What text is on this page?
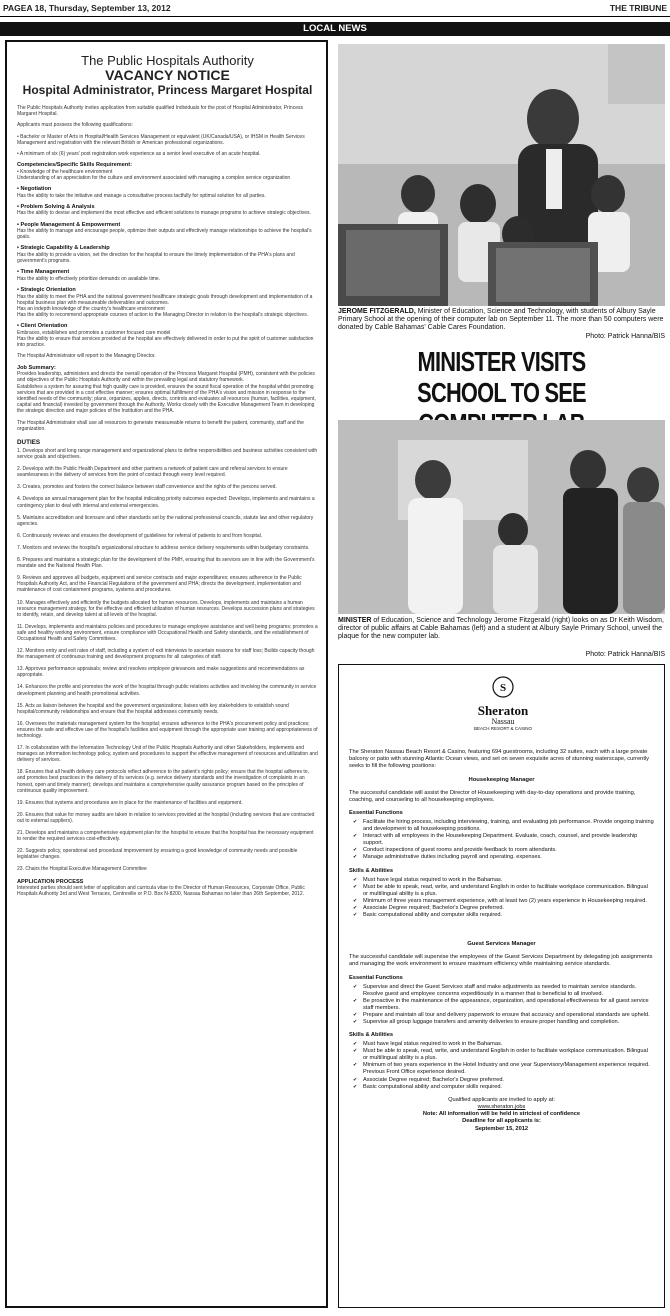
PAGEA 18, Thursday, September 13, 2012	THE TRIBUNE
LOCAL NEWS
The Public Hospitals Authority
VACANCY NOTICE
Hospital Administrator, Princess Margaret Hospital

The Public Hospitals Authority invites application from suitable qualified Individuals for the post of Hospital Administrator, Princess Margaret Hospital.

Applicants must possess the following qualifications:

• Bachelor or Master of Arts in Hospital/Health Services Management or equivalent (UK/Canada/USA), or IHSM in Health Services Management and registration with the relevant British or American professional organizations.

• A minimum of six (6) years' post registration work experience as a senior level executive of an acute hospital.

Competencies/Specific Skills Requirement:

• Knowledge of the healthcare environment
Understanding of an appreciation for the culture and environment associated with managing a complex service organization

• Negotiation

Has the ability to take the initiative and manage a consultative process tactfully for optimal solution for all parties.

• Problem Solving & Analysis

Has the ability to devise and implement the most effective and efficient solutions to manage programs to achieve strategic objectives.

• People Management & Empowerment

Has the ability to manage and encourage people, optimize their outputs and effectively manage relationships to achieve the hospital's goals.

• Strategic Capability & Leadership

Has the ability to provide a vision, set the direction for the hospital to ensure the timely implementation of the PHA's plans and government's programs.

• Time Management

Has the ability to effectively prioritize demands on available time.

• Strategic Orientation

Has the ability to meet the PHA and the national government healthcare strategic goals through development and implementation of a hospital business plan with measureable deliverables and outcomes.
Has an indepth knowledge of the country's healthcare environment
Has the ability to recommend appropriate courses of action to the Managing Director in relation to the hospital's strategic objectives.

• Client Orientation

Embraces, establishes and promotes a customer focused care model
Has the ability to ensure that services provided at the hospital are effectively delivered in order to put the spirit of customer satisfaction into practice.

The Hospital Administrator will report to the Managing Director.

Job Summary:

Provides leadership, administers and directs the overall operation of the Princess Margaret Hospital (PMH), consistent with the policies and objectives of the Public Hospitals Authority and within the prevailing legal and statutory framework.
Establishes a system for assuring that high quality care is provided, ensures the sound fiscal operation of the hospital whilst promoting services that are provided in a cost effective manner; ensures optimal fulfillment of the PHA's vision and mission in response to the identified needs of the community; plans, organizes, applies, directs, controls and evaluates all resources (human, facilities, equipment, capital and financial) invested by government through the Authority. Works closely with the Executive Management Team in developing the strategic direction and major policies of the Institution and the PHA.

The Hospital Administrator shall use all resources to generate measureable returns to benefit the patient, community, staff and the organization.

DUTIES

1. Develops short and long range management and organizational plans to define responsibilities and business activities consistent with service goals and objectives.

2. Develops with the Public Health Department and other partners a network of patient care and referral services to ensure seamlessness in the delivery of services from the point of contact through every level required.

3. Creates, promotes and fosters the correct balance between staff convenience and the rights of the persons served.

4. Develops an annual management plan for the hospital indicating priority outcomes expected: Develops, implements and maintains a contingency plan to deal with internal and external emergencies.

5. Maintains accreditation and licensure and other standards set by the national professional councils, statute law and other regulatory agencies.

6. Continuously reviews and ensures the development of guidelines for referral of patients to and from hospital.

7. Monitors and reviews the hospital's organizational structure to address service delivery requirements within budgetary constraints.

8. Prepares and maintains a strategic plan for the development of the PMH, ensuring that its services are in line with the Government's mandate and the National Health Plan.

9. Reviews and approves all budgets, equipment and service contracts and major expenditures; ensures adherence to the Public Hospitals Authority Act, and the Financial Regulations of the government and PHA; directs the development, implementation and maintenance of cost containment programs, systems and procedures.

10. Manages effectively and efficiently the budgets allocated for human resources. Develops, implements and maintains a human resource management strategy, for the effective and efficient utilization of human resources. Develops succession plans and strategies to identify, retain, and develop talent at all levels of the hospital.

11. Develops, implements and maintains policies and procedures to manage employee assistance and well being programs; promotes a safe and healthy working environment, ensure compliance with Occupational Health and Safety standards, and the establishment of Occupational Health and Safety Committees.

12. Monitors entry and exit rates of staff, including a system of exit interviews to ascertain reasons for staff loss; Builds capacity though the management of continuous training and development programs for all categories of staff.

13. Approves performance appraisals; review and resolves employee grievances and make suggestions and recommendations as appropriate.

14. Enhances the profile and promotes the work of the hospital through public relations activities and involving the community in service development planning and health promotional activities.

15. Acts as liaison between the hospital and the government organizations; liaises with key stakeholders to establish sound hospital/community relationships and ensure that the hospital addresses community needs.

16. Oversees the materials management system for the hospital; ensures adherence to the PHA's procurement policy and practices; ensures the safe and effective use of the hospital's facilities and equipment through the appropriate user training and appropriateness of technology.

17. In collaboration with the Information Technology Unit of the Public Hospitals Authority and other Stakeholders, implements and manages an information technology policy, system and procedures to support the effective management of resources and utilization and delivery of services.

18. Ensures that all health delivery care protocols reflect adherence to the patient's rights policy; ensure that the hospital adheres to, and promotes best practices in the delivery of its services (e.g. service delivery standards and the investigation of complaints in an honest, open and timely manner); develops and maintains a comprehensive quality assurance program based on the principles of continuous quality improvement.

19. Ensures that systems and procedures are in place for the maintenance of facilities and equipment.

20. Ensures that value for money audits are taken in relation to services provided at the hospital (including services that are contracted out to external suppliers).

21. Develops and maintains a comprehensive equipment plan for the hospital to ensure that the hospital has the necessary equipment to render the required services cost-effectively.

22. Suggests policy, operational and procedural improvement by ensuring a good knowledge of community needs and possible legislative changes.

23. Chairs the Hospital Executive Management Committee

APPLICATION PROCESS

Interested parties should sent letter of application and curricula vitae to the Director of Human Resources, Corporate Office, Public Hospitals Authority 3rd and West Terraces, Centreville or P.O. Box N-8200, Nassau Bahamas no later than 26th September, 2012.

JEROME FITZGERALD, Minister of Education, Science and Technology, with students of Albury Sayle Primary School at the opening of their computer lab on September 11. The more than 50 computers were donated by Cable Bahamas' Cable Cares Foundation.
Photo: Patrick Hanna/BIS
MINISTER VISITS SCHOOL TO SEE
MINISTER of Education, Science and Technology Jerome Fitzgerald (right) looks on as Dr Keith Wisdom, director of public affairs at Cable Bahamas (left) and a student at Albury Sayle Primary School, unveil the plaque for the new computer lab.
Photo: Patrick Hanna/BIS
S
Sheraton
Nassau
BEACH RESORT & CASINO

The Sheraton Nassau Beach Resort & Casino, featuring 694 guestrooms, including 32 suites, each with a large private balcony or patio with stunning Atlantic Ocean views, and set on seven exquisite acres of stunning waterscape, currently seeks to fill the following positions:

Housekeeping Manager

The successful candidate will assist the Director of Housekeeping with day-to-day operations and provide training, coaching, and counseling to all housekeeping employees.

Essential Functions
✔ Facilitate the hiring process, including interviewing, training, and evaluating job performance. Provide ongoing training and development to all housekeeping positions.
✔ Interact with all employees in the Housekeeping Department. Evaluate, coach, counsel, and provide leadership support.
✔ Conduct inspections of guest rooms and provide feedback to room attendants.
✔ Manage administrative duties including payroll and operating. expenses.
Skills & Abilities
✔ Must have legal status required to work in the Bahamas.
✔ Must be able to speak, read, write, and understand English in order to facilitate workplace communication. Bilingual or multilingual ability is a plus.
✔ Minimum of three years management experience, with at least two (2) years experience in Housekeeping required.
✔ Associate Degree required; Bachelor's Degree preferred.
✔ Basic computational ability and computer skills required.
Guest Services Manager

The successful candidate will supervise the employees of the Guest Services Department by delegating job assignments and managing the work environment to ensure maximum efficiency while maintaining service standards.

Essential Functions
✔ Supervise and direct the Guest Services staff and make adjustments as needed to maintain service standards. Resolve guest and employee concerns expeditiously in a manner that is beneficial to all involved.
✔ Be proactive in the maintenance of the appearance, organization, and operational effectiveness for all guest service staff members.
✔ Prepare and maintain all tour and delivery paperwork to ensure that accuracy and operational standards are upheld.
✔ Supervise all group luggage transfers and amenity deliveries to ensure proper handling and completion.
Skills & Abilities
✔ Must have legal status required to work in the Bahamas.
✔ Must be able to speak, read, write, and understand English in order to facilitate workplace communication. Bilingual or multilingual ability is a plus.
✔ Minimum of two years experience in the Hotel Industry and one year Supervisory/Management experience required. Previous Front Office experience desired.
✔ Associate Degree required; Bachelor's Degree preferred.
✔ Basic computational ability and computer skills required.
Qualified applicants are invited to apply at:
www.sheraton.jobs
Note: All information will be held in strictest of confidence
Deadline for all applicants is:
September 15, 2012
